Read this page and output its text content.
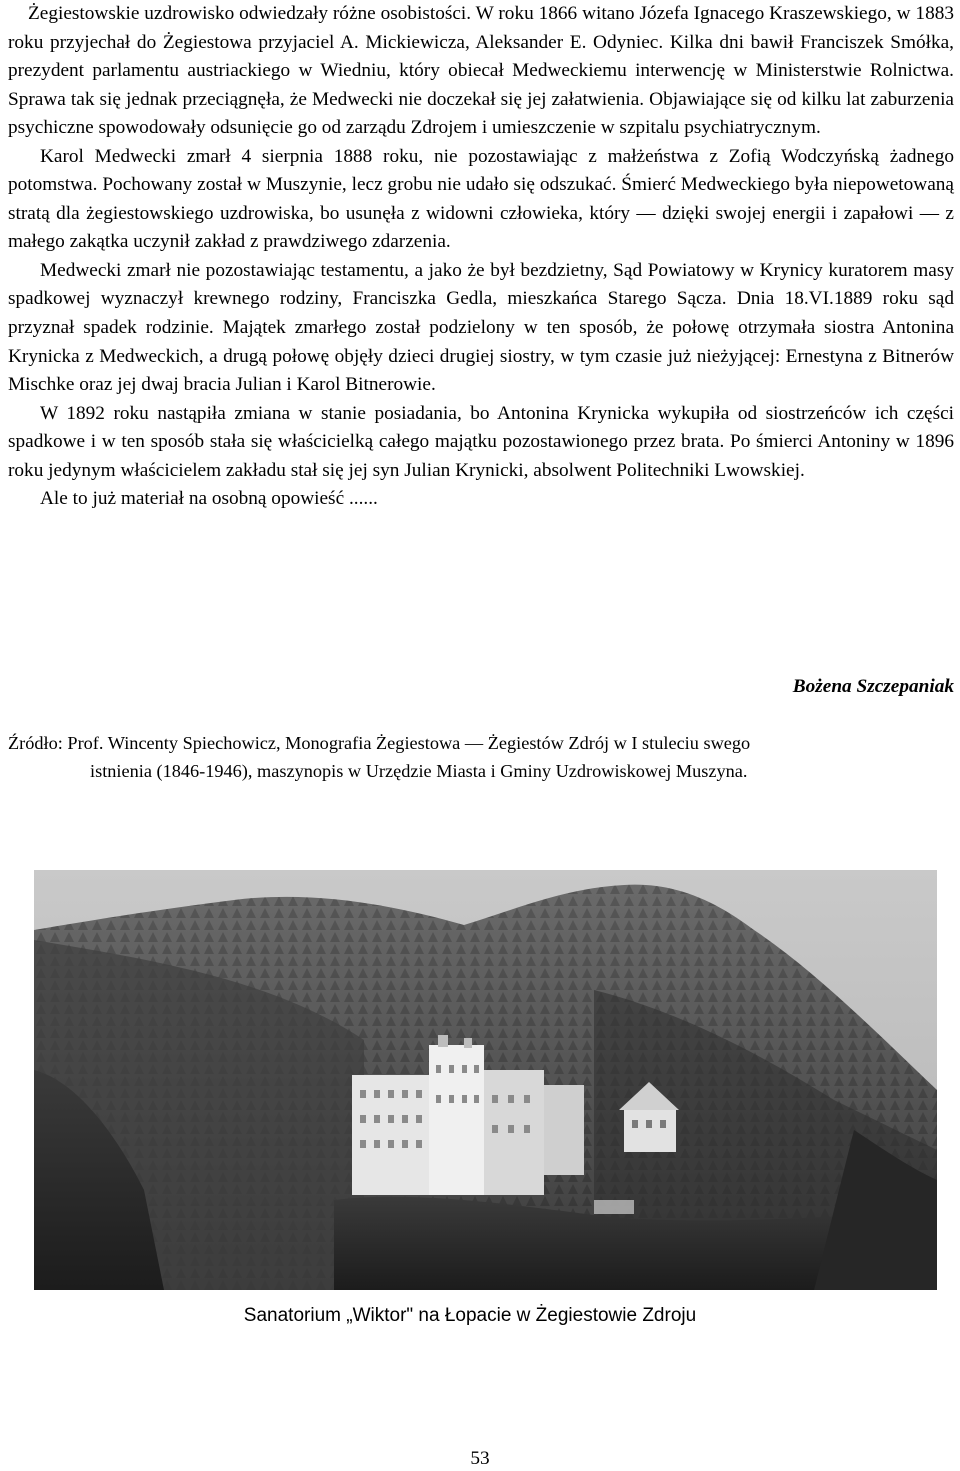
Żegiestowskie uzdrowisko odwiedzały różne osobistości. W roku 1866 witano Józefa Ignacego Kraszewskiego, w 1883 roku przyjechał do Żegiestowa przyjaciel A. Mickiewicza, Aleksander E. Odyniec. Kilka dni bawił Franciszek Smółka, prezydent parlamentu austriackiego w Wiedniu, który obiecał Medweckiemu interwencję w Ministerstwie Rolnictwa. Sprawa tak się jednak przeciągnęła, że Medwecki nie doczekał się jej załatwienia. Objawiające się od kilku lat zaburzenia psychiczne spowodowały odsunięcie go od zarządu Zdrojem i umieszczenie w szpitalu psychiatrycznym.

Karol Medwecki zmarł 4 sierpnia 1888 roku, nie pozostawiając z małżeństwa z Zofią Wodczyńską żadnego potomstwa. Pochowany został w Muszynie, lecz grobu nie udało się odszukać. Śmierć Medweckiego była niepowetowaną stratą dla żegiestowskiego uzdrowiska, bo usunęła z widowni człowieka, który — dzięki swojej energii i zapałowi — z małego zakątka uczynił zakład z prawdziwego zdarzenia.

Medwecki zmarł nie pozostawiając testamentu, a jako że był bezdzietny, Sąd Powiatowy w Krynicy kuratorem masy spadkowej wyznaczył krewnego rodziny, Franciszka Gedla, mieszkańca Starego Sącza. Dnia 18.VI.1889 roku sąd przyznał spadek rodzinie. Majątek zmarłego został podzielony w ten sposób, że połowę otrzymała siostra Antonina Krynicka z Medweckich, a drugą połowę objęły dzieci drugiej siostry, w tym czasie już nieżyjącej: Ernestyna z Bitnerów Mischke oraz jej dwaj bracia Julian i Karol Bitnerowie.

W 1892 roku nastąpiła zmiana w stanie posiadania, bo Antonina Krynicka wykupiła od siostrzeńców ich części spadkowe i w ten sposób stała się właścicielką całego majątku pozostawionego przez brata. Po śmierci Antoniny w 1896 roku jedynym właścicielem zakładu stał się jej syn Julian Krynicki, absolwent Politechniki Lwowskiej.

Ale to już materiał na osobną opowieść ......

Bożena Szczepaniak
Źródło: Prof. Wincenty Spiechowicz, Monografia Żegiestowa — Żegiestów Zdrój w I stuleciu swego
istnienia (1846-1946), maszynopis w Urzędzie Miasta i Gminy Uzdrowiskowej Muszyna.
Sanatorium „Wiktor" na Łopacie w Żegiestowie Zdroju
53
